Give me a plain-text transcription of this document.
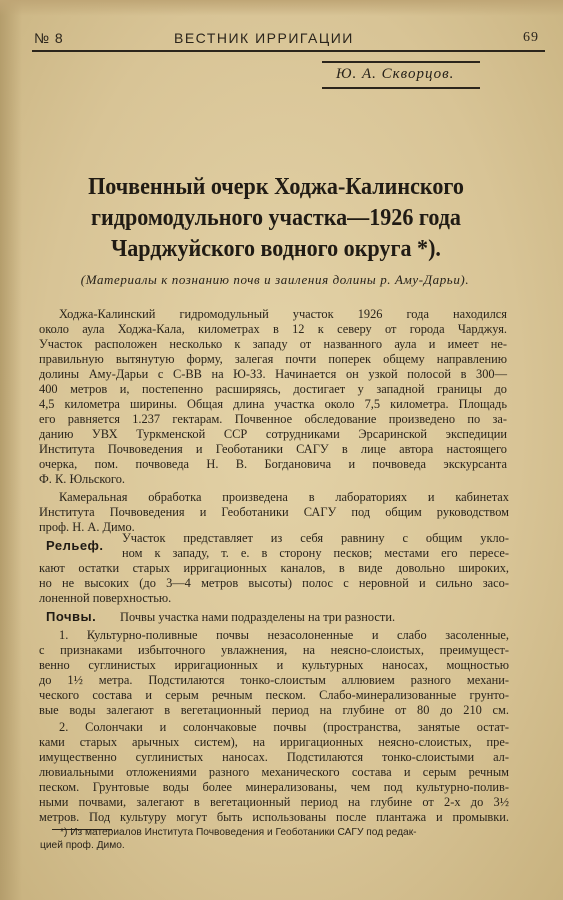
№ 8	ВЕСТНИК ИРРИГАЦИИ	69
Ю. А. Скворцов.
Почвенный очерк Ходжа-Калинского
гидромодульного участка—1926 года
Чарджуйского водного округа *).
(Материалы к познанию почв и заиления долины р. Аму-Дарьи).
Ходжа-Калинский гидромодульный участок 1926 года находился
около аула Ходжа-Кала, километрах в 12 к северу от города Чарджуя.
Участок расположен несколько к западу от названного аула и имеет не-
правильную вытянутую форму, залегая почти поперек общему направлению
долины Аму-Дарьи с С-ВВ на Ю-ЗЗ. Начинается он узкой полосой в 300—
400 метров и, постепенно расширяясь, достигает у западной границы до
4,5 километра ширины. Общая длина участка около 7,5 километра. Площадь
его равняется 1.237 гектарам. Почвенное обследование произведено по за-
данию УВХ Туркменской ССР сотрудниками Эрсаринской экспедиции
Института Почвоведения и Геоботаники САГУ в лице автора настоящего
очерка, пом. почвоведа Н. В. Богдановича и почвоведа экскурсанта
Ф. К. Юльского.
Камеральная обработка произведена в лабораториях и кабинетах
Института Почвоведения и Геоботаники САГУ под общим руководством
проф. Н. А. Димо.
Рельеф. Участок представляет из себя равнину с общим укло-
ном к западу, т. е. в сторону песков; местами его пересе-
кают остатки старых ирригационных каналов, в виде довольно широких,
но не высоких (до 3—4 метров высоты) полос с неровной и сильно засо-
лоненной поверхностью.
Почвы. Почвы участка нами подразделены на три разности.
1. Культурно-поливные почвы незасолоненные и слабо засоленные,
с признаками избыточного увлажнения, на неясно-слоистых, преимущест-
венно суглинистых ирригационных и культурных наносах, мощностью
до 1½ метра. Подстилаются тонко-слоистым аллювием разного механи-
ческого состава и серым речным песком. Слабо-минерализованные грунто-
вые воды залегают в вегетационный период на глубине от 80 до 210 см.
2. Солончаки и солончаковые почвы (пространства, занятые остат-
ками старых арычных систем), на ирригационных неясно-слоистых, пре-
имущественно суглинистых наносах. Подстилаются тонко-слоистыми ал-
лювиальными отложениями разного механического состава и серым речным
песком. Грунтовые воды более минерализованы, чем под культурно-полив-
ными почвами, залегают в вегетационный период на глубине от 2-х до 3½
метров. Под культуру могут быть использованы после плантажа и промывки.
*) Из материалов Института Почвоведения и Геоботаники САГУ под редак-
цией проф. Димо.
